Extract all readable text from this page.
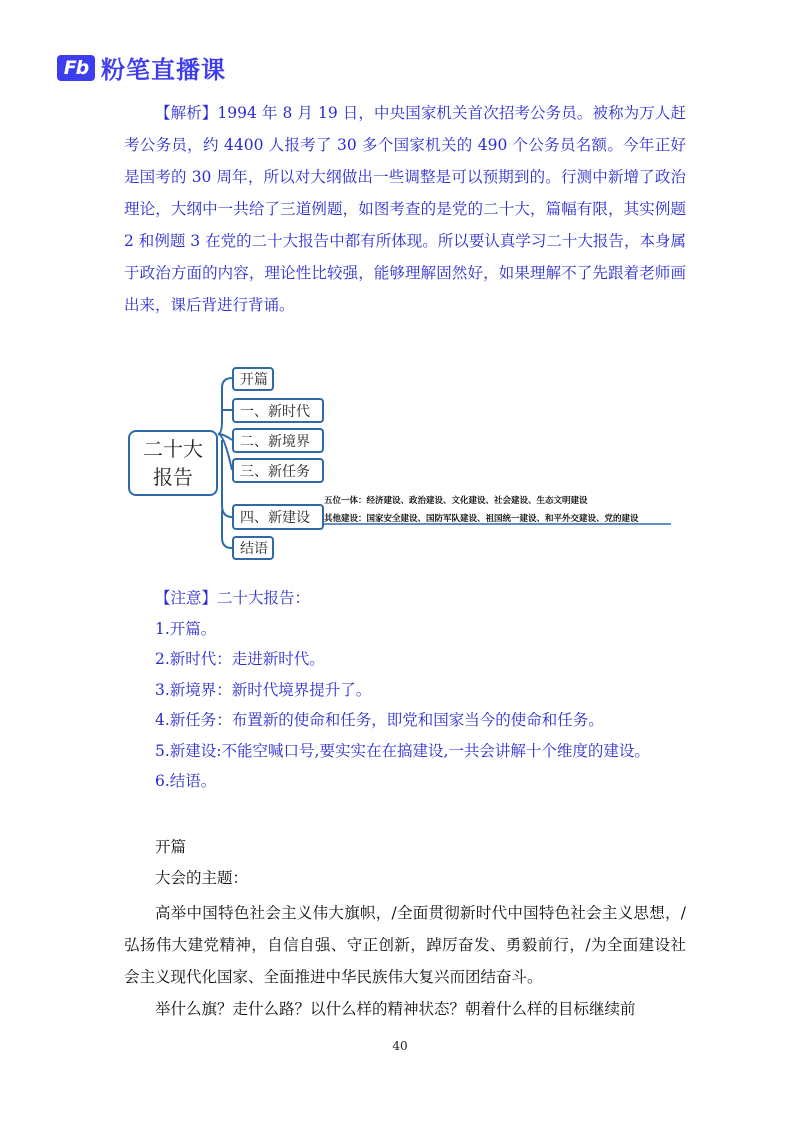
Fb 粉笔直播课
【解析】1994 年 8 月 19 日，中央国家机关首次招考公务员。被称为万人赶考公务员，约 4400 人报考了 30 多个国家机关的 490 个公务员名额。今年正好是国考的 30 周年，所以对大纲做出一些调整是可以预期到的。行测中新增了政治理论，大纲中一共给了三道例题，如图考查的是党的二十大，篇幅有限，其实例题 2 和例题 3 在党的二十大报告中都有所体现。所以要认真学习二十大报告，本身属于政治方面的内容，理论性比较强，能够理解固然好，如果理解不了先跟着老师画出来，课后背进行背诵。
二十大
报告
开篇
一、新时代
二、新境界
三、新任务
四、新建设
结语
五位一体：经济建设、政治建设、文化建设、社会建设、生态文明建设
其他建设：国家安全建设、国防军队建设、祖国统一建设、和平外交建设、党的建设
【注意】二十大报告：
1.开篇。
2.新时代：走进新时代。
3.新境界：新时代境界提升了。
4.新任务：布置新的使命和任务，即党和国家当今的使命和任务。
5.新建设:不能空喊口号,要实实在在搞建设,一共会讲解十个维度的建设。
6.结语。
开篇
大会的主题：
高举中国特色社会主义伟大旗帜，/全面贯彻新时代中国特色社会主义思想，/弘扬伟大建党精神，自信自强、守正创新，踔厉奋发、勇毅前行，/为全面建设社会主义现代化国家、全面推进中华民族伟大复兴而团结奋斗。
举什么旗？走什么路？以什么样的精神状态？朝着什么样的目标继续前
40
